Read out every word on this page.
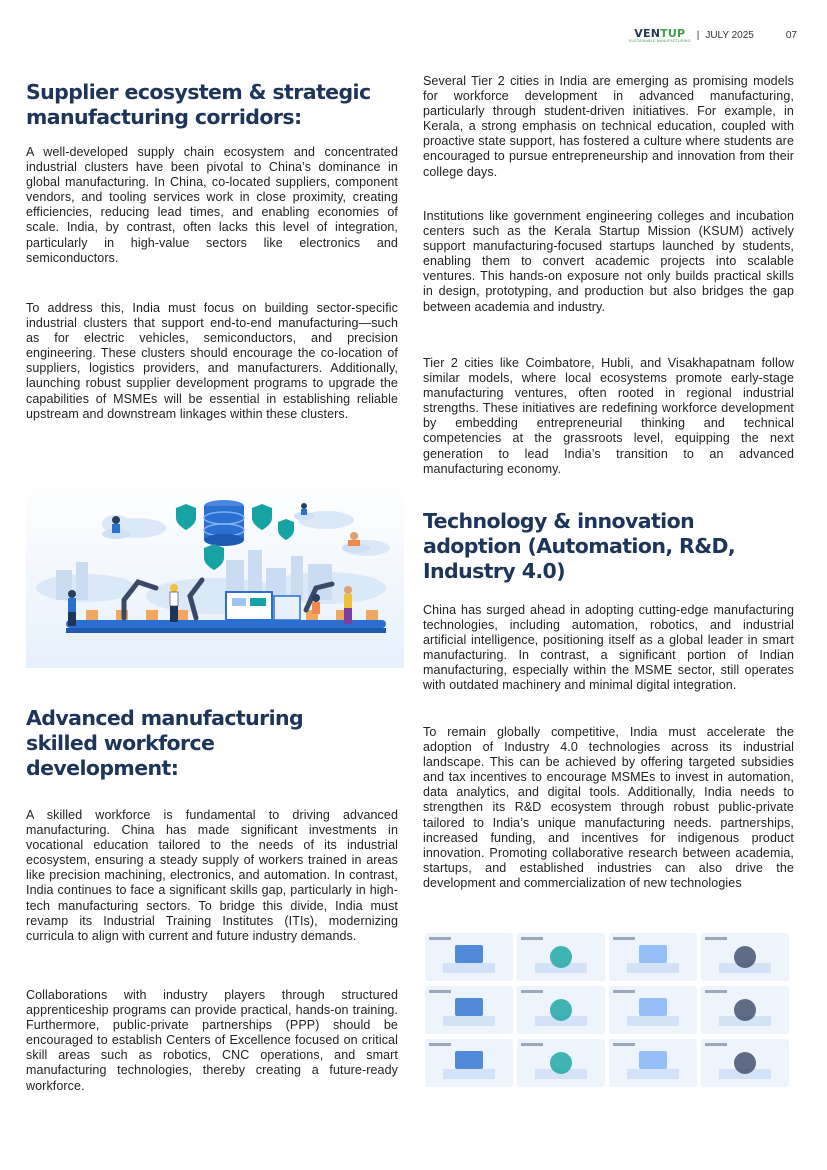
VENTUP
SUSTAINABLE MANUFACTURING | JULY 2025	07
Supplier ecosystem & strategic
manufacturing corridors:

A well-developed supply chain ecosystem and concentrated industrial clusters have been pivotal to China’s dominance in global manufacturing. In China, co-located suppliers, component vendors, and tooling services work in close proximity, creating efficiencies, reducing lead times, and enabling economies of scale. India, by contrast, often lacks this level of integration, particularly in high-value sectors like electronics and semiconductors.

To address this, India must focus on building sector-specific industrial clusters that support end-to-end manufacturing—such as for electric vehicles, semiconductors, and precision engineering. These clusters should encourage the co-location of suppliers, logistics providers, and manufacturers. Additionally, launching robust supplier development programs to upgrade the capabilities of MSMEs will be essential in establishing reliable upstream and downstream linkages within these clusters.

Advanced manufacturing
skilled workforce
development:

A skilled workforce is fundamental to driving advanced manufacturing. China has made significant investments in vocational education tailored to the needs of its industrial ecosystem, ensuring a steady supply of workers trained in areas like precision machining, electronics, and automation. In contrast, India continues to face a significant skills gap, particularly in high-tech manufacturing sectors. To bridge this divide, India must revamp its Industrial Training Institutes (ITIs), modernizing curricula to align with current and future industry demands.

Collaborations with industry players through structured apprenticeship programs can provide practical, hands-on training. Furthermore, public-private partnerships (PPP) should be encouraged to establish Centers of Excellence focused on critical skill areas such as robotics, CNC operations, and smart manufacturing technologies, thereby creating a future-ready workforce.

Several Tier 2 cities in India are emerging as promising models for workforce development in advanced manufacturing, particularly through student-driven initiatives. For example, in Kerala, a strong emphasis on technical education, coupled with proactive state support, has fostered a culture where students are encouraged to pursue entrepreneurship and innovation from their college days.

Institutions like government engineering colleges and incubation centers such as the Kerala Startup Mission (KSUM) actively support manufacturing-focused startups launched by students, enabling them to convert academic projects into scalable ventures. This hands-on exposure not only builds practical skills in design, prototyping, and production but also bridges the gap between academia and industry.

Tier 2 cities like Coimbatore, Hubli, and Visakhapatnam follow similar models, where local ecosystems promote early-stage manufacturing ventures, often rooted in regional industrial strengths. These initiatives are redefining workforce development by embedding entrepreneurial thinking and technical competencies at the grassroots level, equipping the next generation to lead India’s transition to an advanced manufacturing economy.

Technology & innovation
adoption (Automation, R&D,
Industry 4.0)

China has surged ahead in adopting cutting-edge manufacturing technologies, including automation, robotics, and industrial artificial intelligence, positioning itself as a global leader in smart manufacturing. In contrast, a significant portion of Indian manufacturing, especially within the MSME sector, still operates with outdated machinery and minimal digital integration.

To remain globally competitive, India must accelerate the adoption of Industry 4.0 technologies across its industrial landscape. This can be achieved by offering targeted subsidies and tax incentives to encourage MSMEs to invest in automation, data analytics, and digital tools. Additionally, India needs to strengthen its R&D ecosystem through robust public-private tailored to India’s unique manufacturing needs. partnerships, increased funding, and incentives for indigenous product innovation. Promoting collaborative research between academia, startups, and established industries can also drive the development and commercialization of new technologies
